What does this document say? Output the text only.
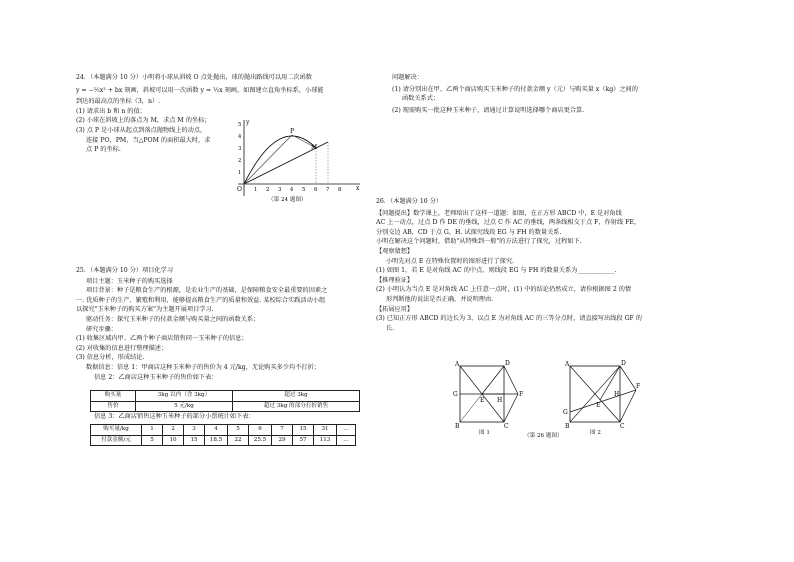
24．（本题满分 10 分）小明将小球从斜坡 O 点处抛出，球的抛出路线可以用二次函数
y = −½x² + bx 刻画，斜坡可以用一次函数 y = ½x 刻画，如图建立直角坐标系，小球能
到达的最高点的坐标（3，n）.
(1) 请求出 b 和 n 的值；
(2) 小球在斜坡上的落点为 M，求点 M 的坐标；
(3) 点 P 是小球从起点到落点抛物线上的动点，
连接 PO，PM，当△POM 的面积最大时，求
点 P 的坐标.
y
x
O
P
M
1 2 3 4 5 6 7 8
1
2
3
4
5
（第 24 题图）
25．（本题满分 10 分）项目化学习
项目主题：玉米种子的购买选择
项目背景：种子是粮食生产的根源，是农业生产的基础，是保障粮食安全最重要的因素之
一. 优质种子的生产、繁殖和利用，能够提高粮食生产的质量和效益. 某校综合实践活动小组
以探究"玉米种子的购买方案"为主题开展项目学习.
驱动任务：探究玉米种子的付款金额与购买量之间的函数关系；
研究步骤：
(1) 收集区域内甲、乙两个种子商店销售同一玉米种子的信息；
(2) 对收集的信息进行整理描述；
(3) 信息分析，形成结论.
数据信息：信息 1：甲商店这种玉米种子的售价为 4 元/kg，无论购买多少均不打折；
信息 2：乙商店这种玉米种子的售价如下表：
购买量	3kg 以内（含 3kg）	超过 3kg
售价	5 元/kg	超过 3kg 的部分打折销售
信息 3：乙商店销售这种玉米种子的部分小票统计如下表：
购买量/kg	1	2	3	4	5	6	7	15	31	…
付款金额/元	5	10	15	18.5	22	25.5	29	57	113	…
问题解决：
(1) 请分别出在甲、乙两个商店购买玉米种子的付款金额 y（元）与购买量 x（kg）之间的
函数关系式；
(2) 现需购买一批这种玉米种子，请通过计算说明选择哪个商店更合算.
26．（本题满分 10 分）
【问题提出】数学课上，老师给出了这样一道题：如图，在正方形 ABCD 中，E 是对角线
AC 上一动点，过点 D 作 DE 的垂线，过点 C 作 AC 的垂线，两条线相交于点 F，作射线 FE，
分别交边 AB，CD 于点 G，H. 试探究线段 EG 与 FH 的数量关系.
小明在解决这个问题时，借助"从特殊到一般"的方法进行了探究，过程如下.
【观察猜想】
小明先对点 E 在特殊位置时的图形进行了探究.
(1) 如图 1，若 E 是对角线 AC 的中点，则线段 EG 与 FH 的数量关系为____________.
【推理验证】
(2) 小明认为当点 E 是对角线 AC 上任意一点时，(1) 中的结论仍然成立，请你根据图 2 的情
形判断他的说法是否正确，并说明理由.
【拓展应用】
(3) 已知正方形 ABCD 的边长为 3，以点 E 为对角线 AC 的三等分点时，请直接写出线段 GF 的
长.
A	D
B	C
E
F
G
H
图 1
A	D
B	C
E
F
G
H
图 2
（第 26 题图）
